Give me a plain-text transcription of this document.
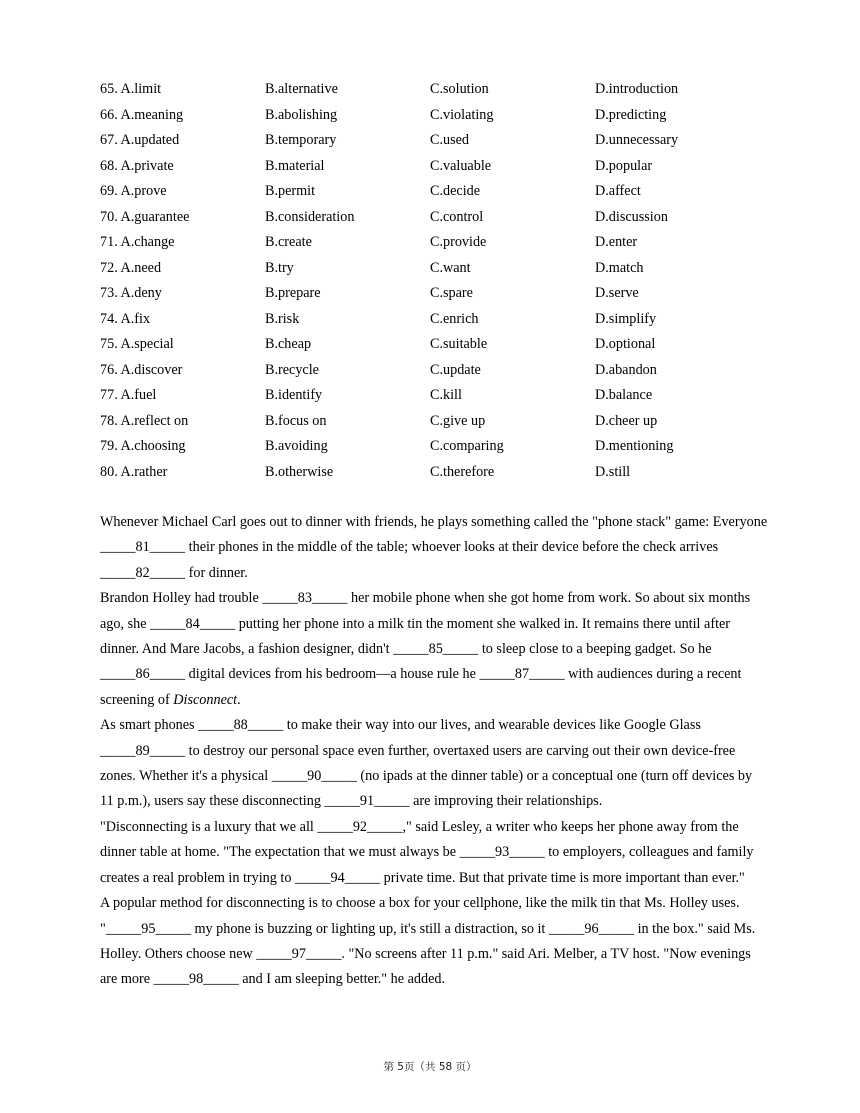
65. A.limit	B.alternative	C.solution	D.introduction
66. A.meaning	B.abolishing	C.violating	D.predicting
67. A.updated	B.temporary	C.used	D.unnecessary
68. A.private	B.material	C.valuable	D.popular
69. A.prove	B.permit	C.decide	D.affect
70. A.guarantee	B.consideration	C.control	D.discussion
71. A.change	B.create	C.provide	D.enter
72. A.need	B.try	C.want	D.match
73. A.deny	B.prepare	C.spare	D.serve
74. A.fix	B.risk	C.enrich	D.simplify
75. A.special	B.cheap	C.suitable	D.optional
76. A.discover	B.recycle	C.update	D.abandon
77. A.fuel	B.identify	C.kill	D.balance
78. A.reflect on	B.focus on	C.give up	D.cheer up
79. A.choosing	B.avoiding	C.comparing	D.mentioning
80. A.rather	B.otherwise	C.therefore	D.still

Whenever Michael Carl goes out to dinner with friends, he plays something called the "phone stack" game: Everyone _____81_____ their phones in the middle of the table; whoever looks at their device before the check arrives _____82_____ for dinner.

Brandon Holley had trouble _____83_____ her mobile phone when she got home from work. So about six months ago, she _____84_____ putting her phone into a milk tin the moment she walked in. It remains there until after dinner. And Mare Jacobs, a fashion designer, didn't _____85_____ to sleep close to a beeping gadget. So he _____86_____ digital devices from his bedroom—a house rule he _____87_____ with audiences during a recent screening of Disconnect.

As smart phones _____88_____ to make their way into our lives, and wearable devices like Google Glass _____89_____ to destroy our personal space even further, overtaxed users are carving out their own device-free zones. Whether it's a physical _____90_____ (no ipads at the dinner table) or a conceptual one (turn off devices by 11 p.m.), users say these disconnecting _____91_____ are improving their relationships.

"Disconnecting is a luxury that we all _____92_____," said Lesley, a writer who keeps her phone away from the dinner table at home. "The expectation that we must always be _____93_____ to employers, colleagues and family creates a real problem in trying to _____94_____ private time. But that private time is more important than ever."

A popular method for disconnecting is to choose a box for your cellphone, like the milk tin that Ms. Holley uses. "_____95_____ my phone is buzzing or lighting up, it's still a distraction, so it _____96_____ in the box." said Ms. Holley. Others choose new _____97_____. "No screens after 11 p.m." said Ari. Melber, a TV host. "Now evenings are more _____98_____ and I am sleeping better." he added.

第 5页（共 58 页）
